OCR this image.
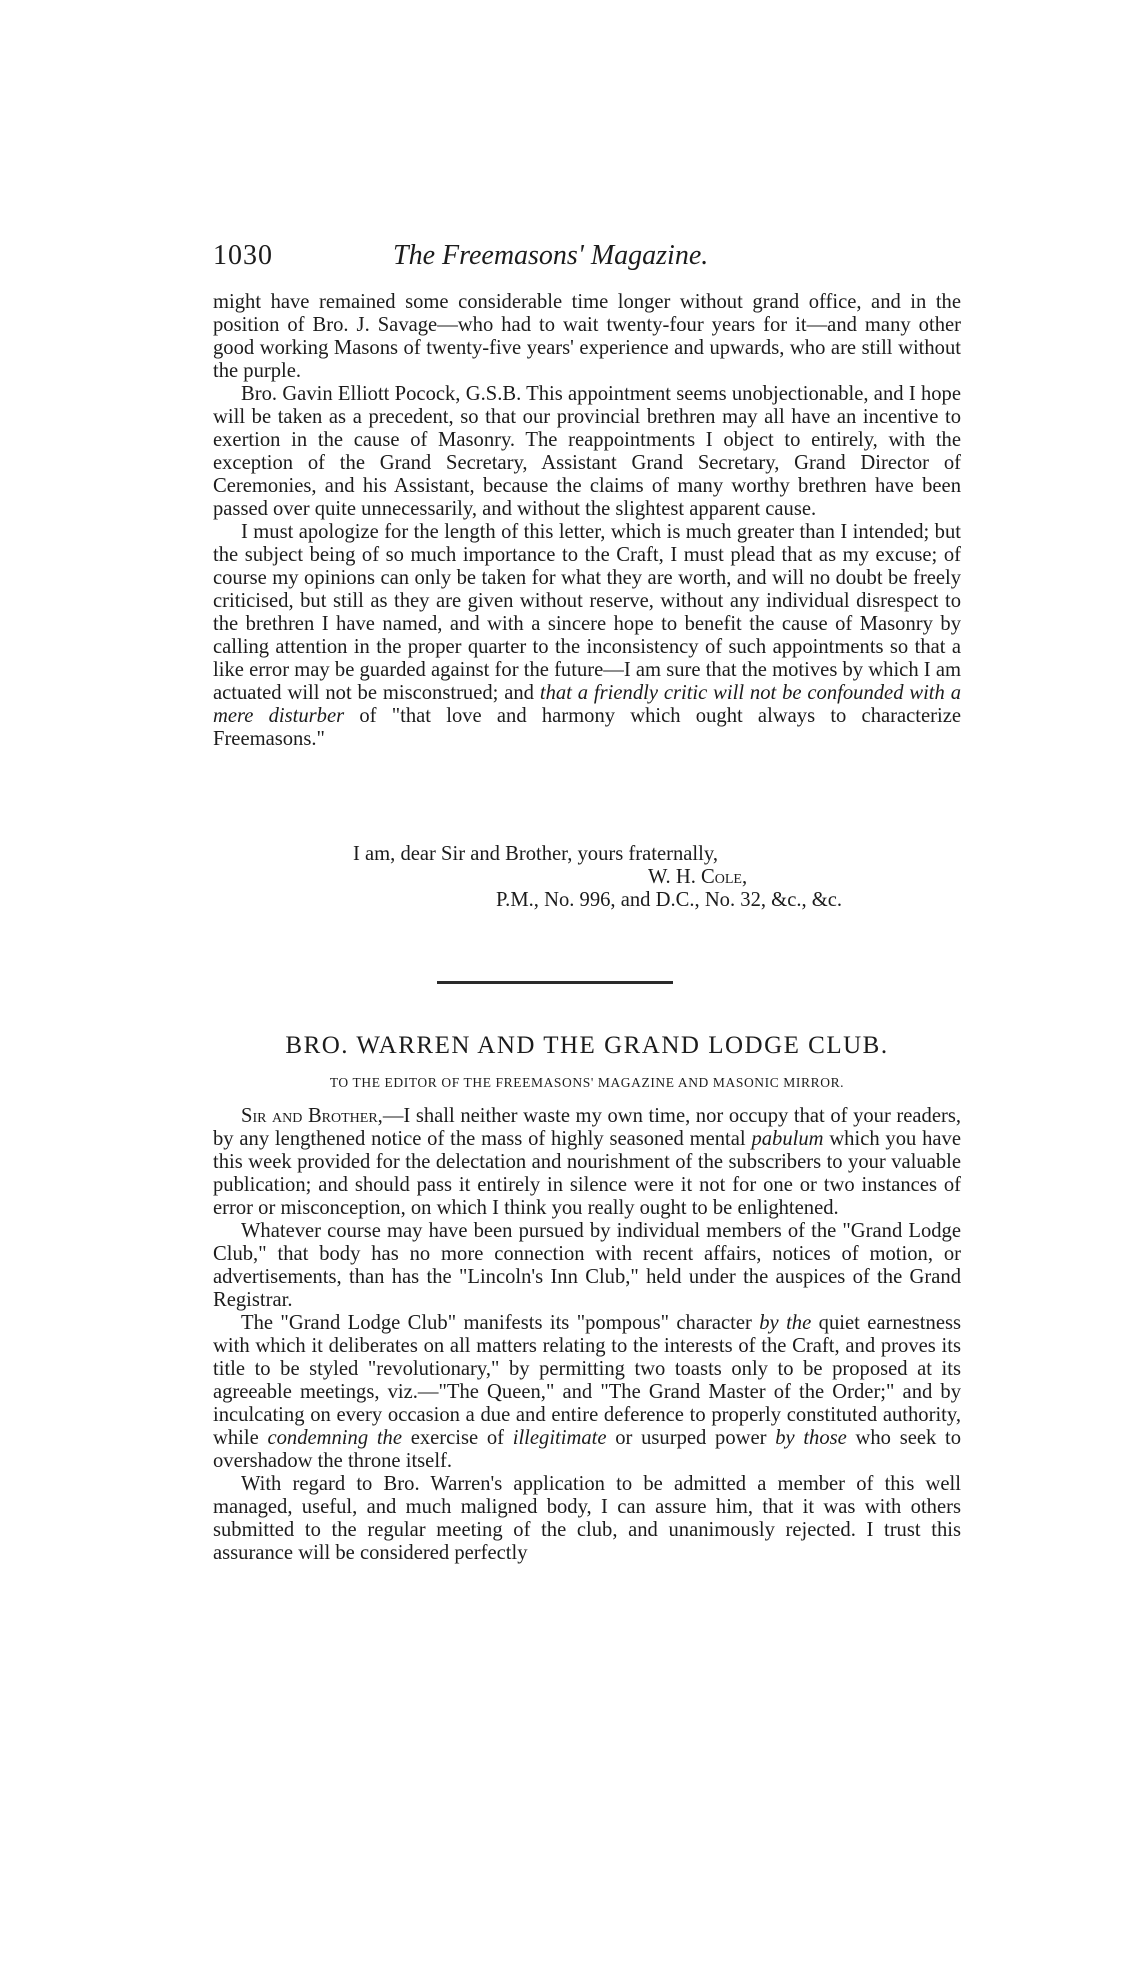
1030	The Freemasons' Magazine.

might have remained some considerable time longer without grand office, and in the position of Bro. J. Savage—who had to wait twenty-four years for it—and many other good working Masons of twenty-five years' experience and upwards, who are still without the purple.

Bro. Gavin Elliott Pocock, G.S.B. This appointment seems unobjectionable, and I hope will be taken as a precedent, so that our provincial brethren may all have an incentive to exertion in the cause of Masonry. The reappointments I object to entirely, with the exception of the Grand Secretary, Assistant Grand Secretary, Grand Director of Ceremonies, and his Assistant, because the claims of many worthy brethren have been passed over quite unnecessarily, and without the slightest apparent cause.

I must apologize for the length of this letter, which is much greater than I intended; but the subject being of so much importance to the Craft, I must plead that as my excuse; of course my opinions can only be taken for what they are worth, and will no doubt be freely criticised, but still as they are given without reserve, without any individual disrespect to the brethren I have named, and with a sincere hope to benefit the cause of Masonry by calling attention in the proper quarter to the inconsistency of such appointments so that a like error may be guarded against for the future—I am sure that the motives by which I am actuated will not be misconstrued; and that a friendly critic will not be confounded with a mere disturber of "that love and harmony which ought always to characterize Freemasons."

I am, dear Sir and Brother, yours fraternally,
W. H. Cole,
P.M., No. 996, and D.C., No. 32, &c., &c.
BRO. WARREN AND THE GRAND LODGE CLUB.
TO THE EDITOR OF THE FREEMASONS' MAGAZINE AND MASONIC MIRROR.

Sir and Brother,—I shall neither waste my own time, nor occupy that of your readers, by any lengthened notice of the mass of highly seasoned mental pabulum which you have this week provided for the delectation and nourishment of the subscribers to your valuable publication; and should pass it entirely in silence were it not for one or two instances of error or misconception, on which I think you really ought to be enlightened.

Whatever course may have been pursued by individual members of the "Grand Lodge Club," that body has no more connection with recent affairs, notices of motion, or advertisements, than has the "Lincoln's Inn Club," held under the auspices of the Grand Registrar.

The "Grand Lodge Club" manifests its "pompous" character by the quiet earnestness with which it deliberates on all matters relating to the interests of the Craft, and proves its title to be styled "revolutionary," by permitting two toasts only to be proposed at its agreeable meetings, viz.—"The Queen," and "The Grand Master of the Order;" and by inculcating on every occasion a due and entire deference to properly constituted authority, while condemning the exercise of illegitimate or usurped power by those who seek to overshadow the throne itself.

With regard to Bro. Warren's application to be admitted a member of this well managed, useful, and much maligned body, I can assure him, that it was with others submitted to the regular meeting of the club, and unanimously rejected. I trust this assurance will be considered perfectly
